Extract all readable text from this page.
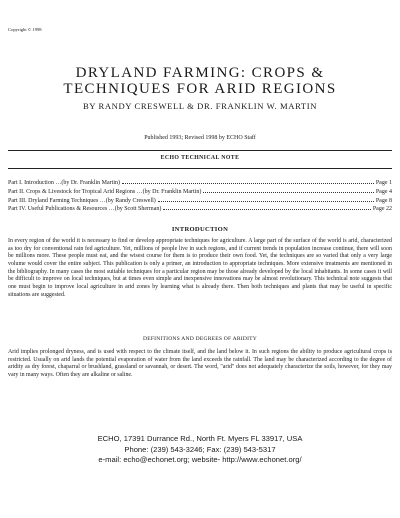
Copyright © 1998
DRYLAND FARMING: CROPS &
TECHNIQUES FOR ARID REGIONS
BY RANDY CRESWELL & DR. FRANKLIN W. MARTIN
Published 1993; Revised 1998 by ECHO Staff
ECHO TECHNICAL NOTE
Part I. Introduction …(by Dr. Franklin Martin)	Page 1
Part II. Crops & Livestock for Tropical Arid Regions …(by Dr. Franklin Martin)	Page 4
Part III. Dryland Farming Techniques …(by Randy Creswell)	Page 8
Part IV. Useful Publications & Resources …(by Scott Sherman)	Page 22
INTRODUCTION
In every region of the world it is necessary to find or develop appropriate techniques for agriculture. A large part of the surface of the world is arid, characterized as too dry for conventional rain fed agriculture. Yet, millions of people live in such regions, and if current trends in population increase continue, there will soon be millions more. These people must eat, and the wisest course for them is to produce their own food. Yet, the techniques are so varied that only a very large volume would cover the entire subject. This publication is only a primer, an introduction to appropriate techniques. More extensive treatments are mentioned in the bibliography. In many cases the most suitable techniques for a particular region may be those already developed by the local inhabitants. In some cases it will be difficult to improve on local techniques, but at times even simple and inexpensive innovations may be almost revolutionary. This technical note suggests that one must begin to improve local agriculture in arid zones by learning what is already there. Then both techniques and plants that may be useful in specific situations are suggested.
DEFINITIONS AND DEGREES OF ARIDITY
Arid implies prolonged dryness, and is used with respect to the climate itself, and the land below it. In such regions the ability to produce agricultural crops is restricted. Usually on arid lands the potential evaporation of water from the land exceeds the rainfall. The land may be characterized according to the degree of aridity as dry forest, chaparral or brushland, grassland or savannah, or desert. The word, "arid" does not adequately characterize the soils, however, for they may vary in many ways. Often they are alkaline or saline.
ECHO, 17391 Durrance Rd., North Ft. Myers FL 33917, USA
Phone: (239) 543-3246; Fax: (239) 543-5317
e-mail: echo@echonet.org; website- http://www.echonet.org/
